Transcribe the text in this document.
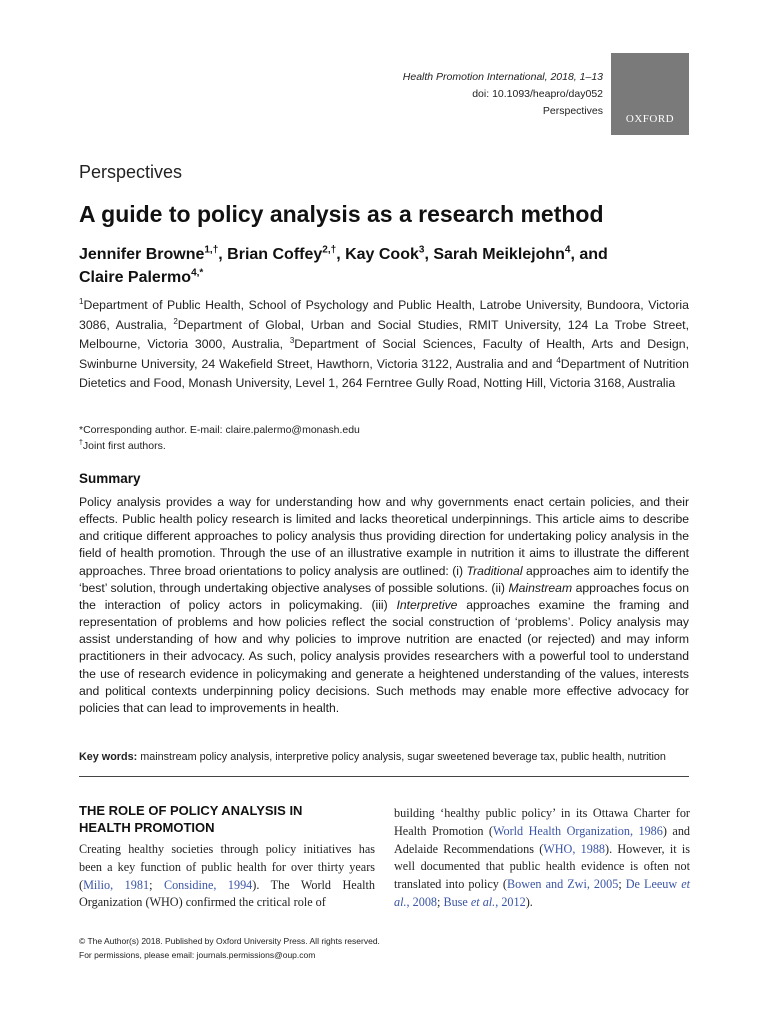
Health Promotion International, 2018, 1–13
doi: 10.1093/heapro/day052
Perspectives
OXFORD
Perspectives
A guide to policy analysis as a research method
Jennifer Browne$^{1,\dagger}$, Brian Coffey$^{2,\dagger}$, Kay Cook$^3$, Sarah Meiklejohn$^4$, and
Claire Palermo$^{4,*}$
$^1$Department of Public Health, School of Psychology and Public Health, Latrobe University, Bundoora, Victoria 3086, Australia, $^2$Department of Global, Urban and Social Studies, RMIT University, 124 La Trobe Street, Melbourne, Victoria 3000, Australia, $^3$Department of Social Sciences, Faculty of Health, Arts and Design, Swinburne University, 24 Wakefield Street, Hawthorn, Victoria 3122, Australia and and $^4$Department of Nutrition Dietetics and Food, Monash University, Level 1, 264 Ferntree Gully Road, Notting Hill, Victoria 3168, Australia
*Corresponding author. E-mail: claire.palermo@monash.edu
†Joint first authors.
Summary
Policy analysis provides a way for understanding how and why governments enact certain policies, and their effects. Public health policy research is limited and lacks theoretical underpinnings. This article aims to describe and critique different approaches to policy analysis thus providing direction for undertaking policy analysis in the field of health promotion. Through the use of an illustrative example in nutrition it aims to illustrate the different approaches. Three broad orientations to policy analysis are outlined: (i) Traditional approaches aim to identify the ‘best’ solution, through undertaking objective analyses of possible solutions. (ii) Mainstream approaches focus on the interaction of policy actors in policymaking. (iii) Interpretive approaches examine the framing and representation of problems and how policies reflect the social construction of ‘problems’. Policy analysis may assist understanding of how and why policies to improve nutrition are enacted (or rejected) and may inform practitioners in their advocacy. As such, policy analysis provides researchers with a powerful tool to understand the use of research evidence in policymaking and generate a heightened understanding of the values, interests and political contexts underpinning policy decisions. Such methods may enable more effective advocacy for policies that can lead to improvements in health.
Key words: mainstream policy analysis, interpretive policy analysis, sugar sweetened beverage tax, public health, nutrition
THE ROLE OF POLICY ANALYSIS IN
HEALTH PROMOTION
Creating healthy societies through policy initiatives has been a key function of public health for over thirty years (Milio, 1981; Considine, 1994). The World Health Organization (WHO) confirmed the critical role of
building ‘healthy public policy’ in its Ottawa Charter for Health Promotion (World Health Organization, 1986) and Adelaide Recommendations (WHO, 1988). However, it is well documented that public health evidence is often not translated into policy (Bowen and Zwi, 2005; De Leeuw et al., 2008; Buse et al., 2012).
© The Author(s) 2018. Published by Oxford University Press. All rights reserved.
For permissions, please email: journals.permissions@oup.com
